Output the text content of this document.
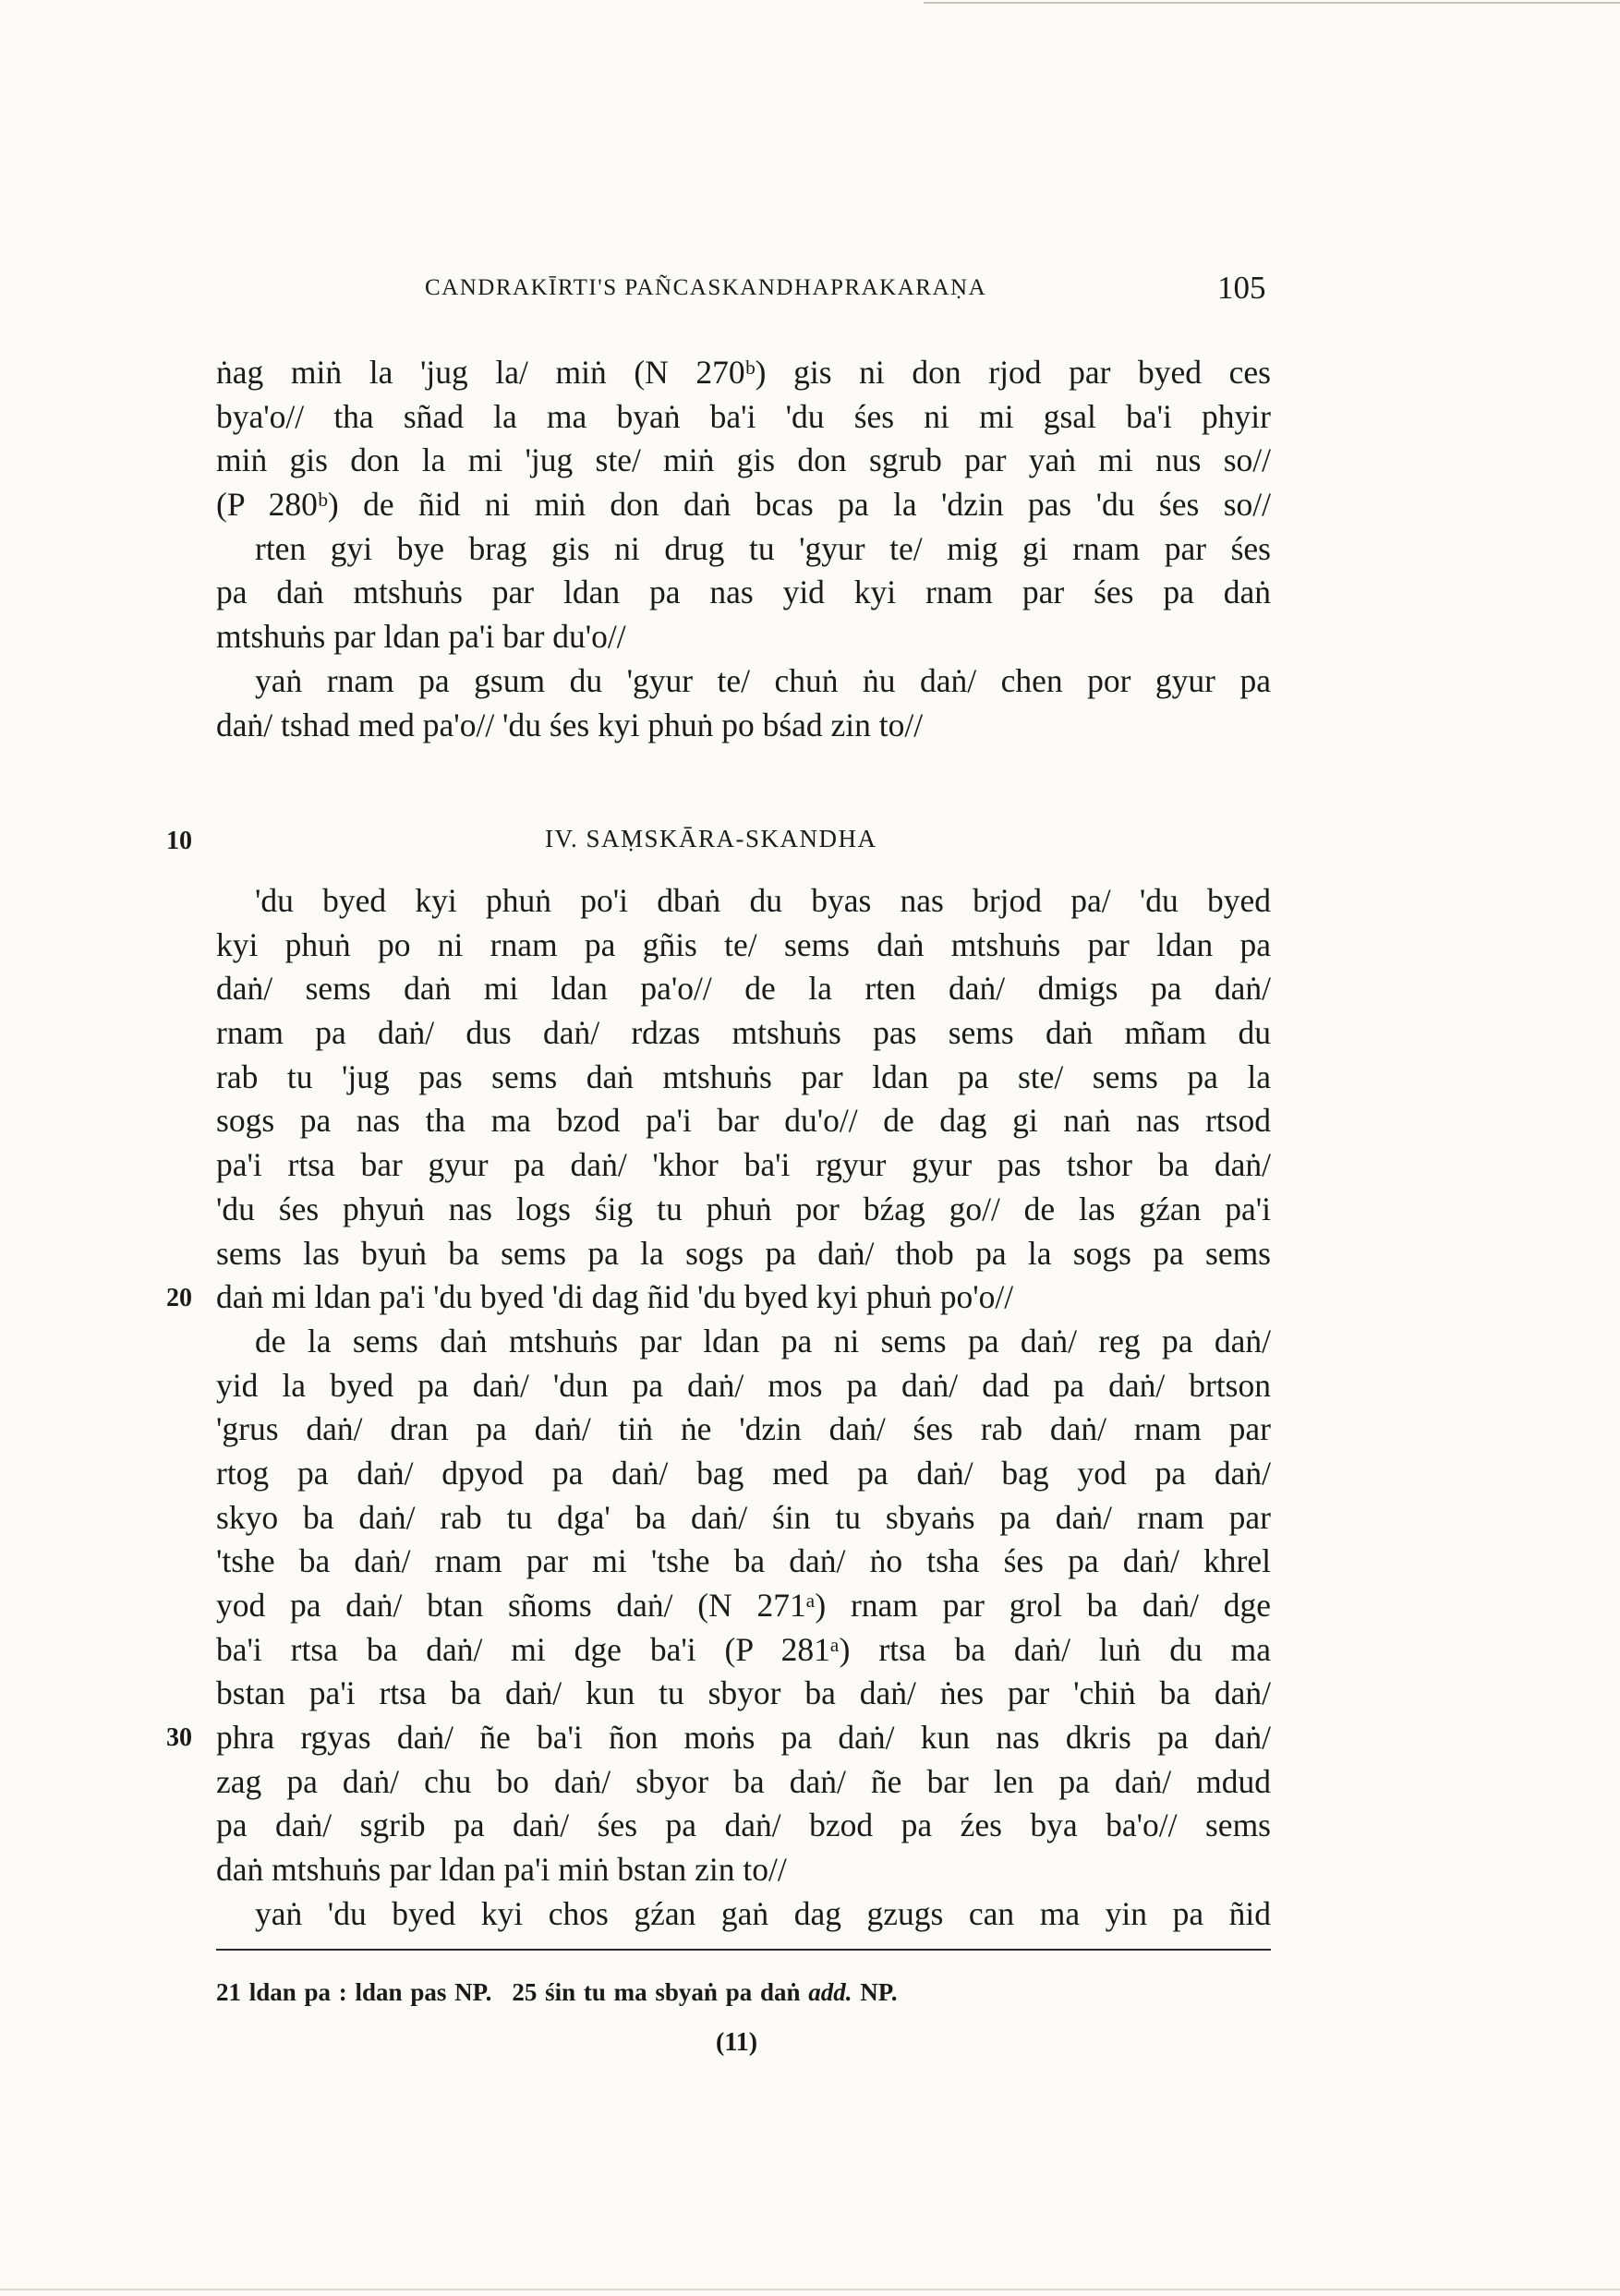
CANDRAKĪRTI'S PAÑCASKANDHAPRAKARAṆA	105
ṅag miṅ la 'jug la/ miṅ (N 270ᵇ) gis ni don rjod par byed ces
bya'o// tha sñad la ma byaṅ ba'i 'du śes ni mi gsal ba'i phyir
miṅ gis don la mi 'jug ste/ miṅ gis don sgrub par yaṅ mi nus so//
(P 280ᵇ) de ñid ni miṅ don daṅ bcas pa la 'dzin pas 'du śes so//
rten gyi bye brag gis ni drug tu 'gyur te/ mig gi rnam par śes
pa daṅ mtshuṅs par ldan pa nas yid kyi rnam par śes pa daṅ
mtshuṅs par ldan pa'i bar du'o//
yaṅ rnam pa gsum du 'gyur te/ chuṅ ṅu daṅ/ chen por gyur pa
daṅ/ tshad med pa'o// 'du śes kyi phuṅ po bśad zin to//
10	IV. SAṂSKĀRA-SKANDHA
'du byed kyi phuṅ po'i dbaṅ du byas nas brjod pa/ 'du byed
kyi phuṅ po ni rnam pa gñis te/ sems daṅ mtshuṅs par ldan pa
daṅ/ sems daṅ mi ldan pa'o// de la rten daṅ/ dmigs pa daṅ/
rnam pa daṅ/ dus daṅ/ rdzas mtshuṅs pas sems daṅ mñam du
rab tu 'jug pas sems daṅ mtshuṅs par ldan pa ste/ sems pa la
sogs pa nas tha ma bzod pa'i bar du'o// de dag gi naṅ nas rtsod
pa'i rtsa bar gyur pa daṅ/ 'khor ba'i rgyur gyur pas tshor ba daṅ/
'du śes phyuṅ nas logs śig tu phuṅ por bźag go// de las gźan pa'i
sems las byuṅ ba sems pa la sogs pa daṅ/ thob pa la sogs pa sems
daṅ mi ldan pa'i 'du byed 'di dag ñid 'du byed kyi phuṅ po'o//
de la sems daṅ mtshuṅs par ldan pa ni sems pa daṅ/ reg pa daṅ/
yid la byed pa daṅ/ 'dun pa daṅ/ mos pa daṅ/ dad pa daṅ/ brtson
'grus daṅ/ dran pa daṅ/ tiṅ ṅe 'dzin daṅ/ śes rab daṅ/ rnam par
rtog pa daṅ/ dpyod pa daṅ/ bag med pa daṅ/ bag yod pa daṅ/
skyo ba daṅ/ rab tu dga' ba daṅ/ śin tu sbyaṅs pa daṅ/ rnam par
'tshe ba daṅ/ rnam par mi 'tshe ba daṅ/ ṅo tsha śes pa daṅ/ khrel
yod pa daṅ/ btan sñoms daṅ/ (N 271ᵃ) rnam par grol ba daṅ/ dge
ba'i rtsa ba daṅ/ mi dge ba'i (P 281ᵃ) rtsa ba daṅ/ luṅ du ma
bstan pa'i rtsa ba daṅ/ kun tu sbyor ba daṅ/ ṅes par 'chiṅ ba daṅ/
phra rgyas daṅ/ ñe ba'i ñon moṅs pa daṅ/ kun nas dkris pa daṅ/
zag pa daṅ/ chu bo daṅ/ sbyor ba daṅ/ ñe bar len pa daṅ/ mdud
pa daṅ/ sgrib pa daṅ/ śes pa daṅ/ bzod pa źes bya ba'o// sems
daṅ mtshuṅs par ldan pa'i miṅ bstan zin to//
yaṅ 'du byed kyi chos gźan gaṅ dag gzugs can ma yin pa ñid
20
30
21 ldan pa : ldan pas NP. 25 śin tu ma sbyaṅ pa daṅ add. NP.
(11)
